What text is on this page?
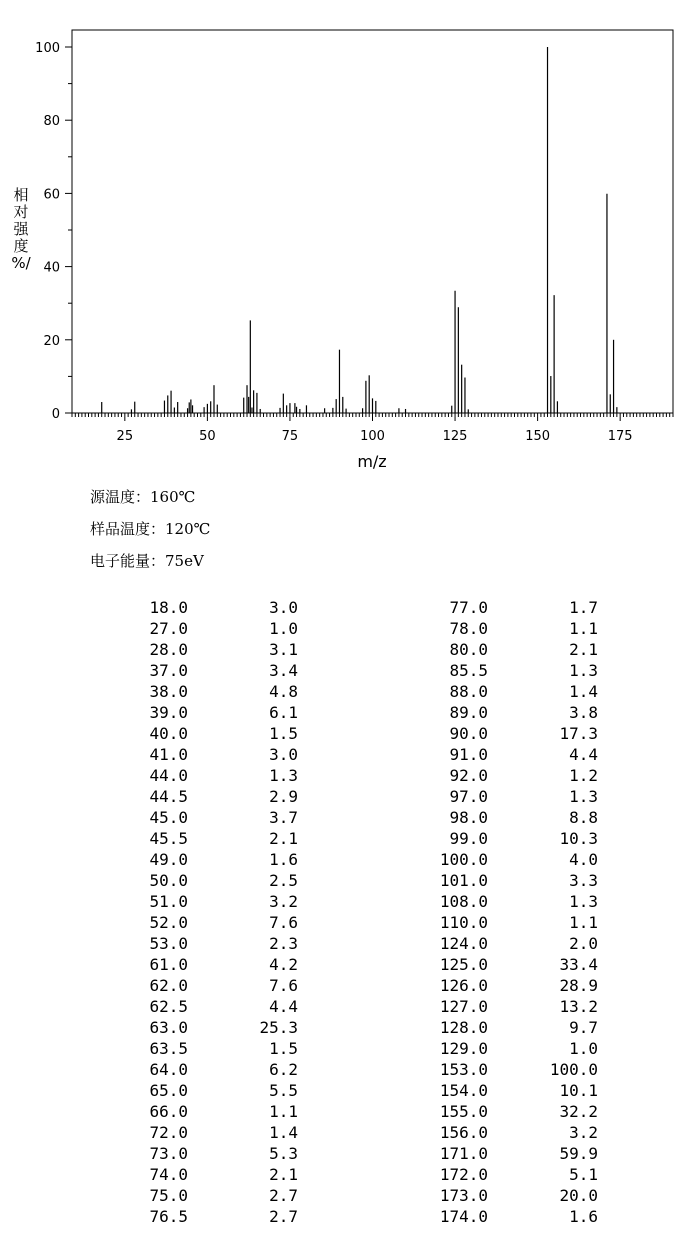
0
20
40
60
80
100
25	50	75	100	125	150	175
相
对
强
度
%/
m/z
源温度：160℃
样品温度：120℃
电子能量：75eV
18.0	3.0	77.0	1.7
27.0	1.0	78.0	1.1
28.0	3.1	80.0	2.1
37.0	3.4	85.5	1.3
38.0	4.8	88.0	1.4
39.0	6.1	89.0	3.8
40.0	1.5	90.0	17.3
41.0	3.0	91.0	4.4
44.0	1.3	92.0	1.2
44.5	2.9	97.0	1.3
45.0	3.7	98.0	8.8
45.5	2.1	99.0	10.3
49.0	1.6	100.0	4.0
50.0	2.5	101.0	3.3
51.0	3.2	108.0	1.3
52.0	7.6	110.0	1.1
53.0	2.3	124.0	2.0
61.0	4.2	125.0	33.4
62.0	7.6	126.0	28.9
62.5	4.4	127.0	13.2
63.0	25.3	128.0	9.7
63.5	1.5	129.0	1.0
64.0	6.2	153.0	100.0
65.0	5.5	154.0	10.1
66.0	1.1	155.0	32.2
72.0	1.4	156.0	3.2
73.0	5.3	171.0	59.9
74.0	2.1	172.0	5.1
75.0	2.7	173.0	20.0
76.5	2.7	174.0	1.6
